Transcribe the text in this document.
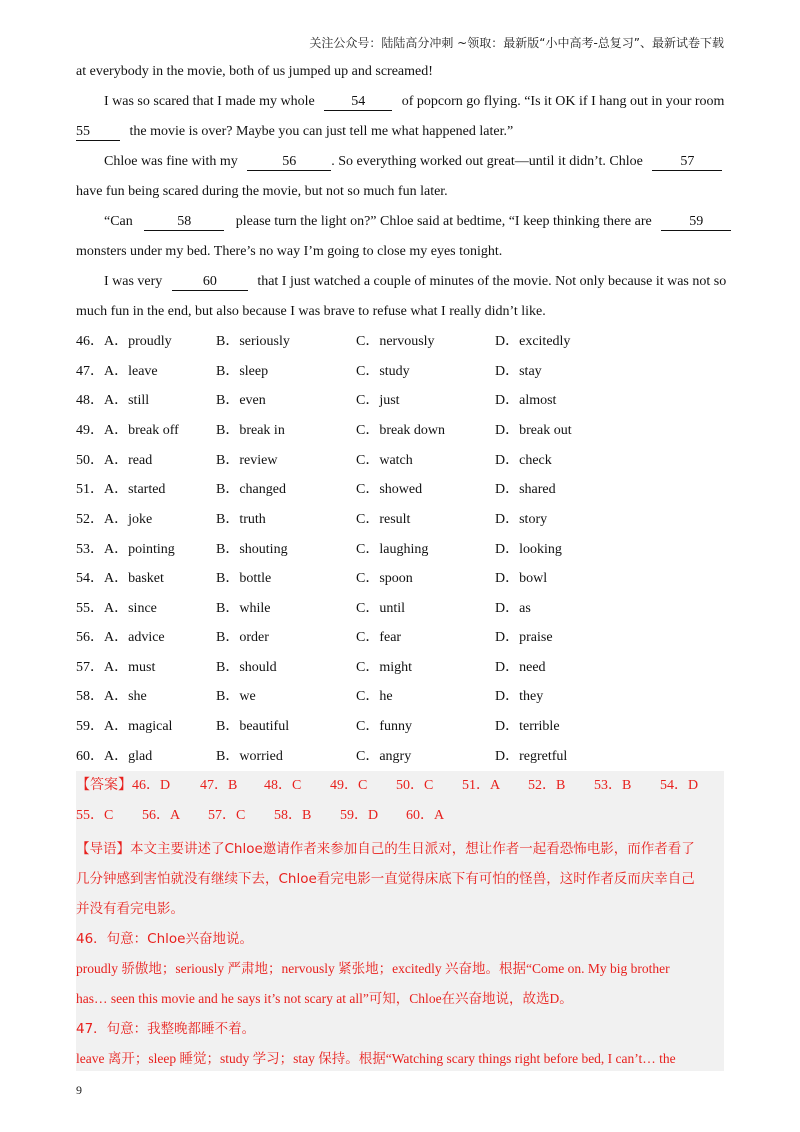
关注公众号：陆陆高分冲刺 ~领取：最新版“小中高考-总复习”、最新试卷下载
at everybody in the movie, both of us jumped up and screamed!
I was so scared that I made my whole	54	of popcorn go flying. “Is it OK if I hang out in your room
55	the movie is over? Maybe you can just tell me what happened later.”
Chloe was fine with my	56	. So everything worked out great—until it didn’t. Chloe	57
have fun being scared during the movie, but not so much fun later.
“Can	58	please turn the light on?” Chloe said at bedtime, “I keep thinking there are	59
monsters under my bed. There’s no way I’m going to close my eyes tonight.
I was very	60	that I just watched a couple of minutes of the movie. Not only because it was not so
much fun in the end, but also because I was brave to refuse what I really didn’t like.
46．A．proudly	B．seriously	C．nervously	D．excitedly
47．A．leave	B．sleep	C．study	D．stay
48．A．still	B．even	C．just	D．almost
49．A．break off	B．break in	C．break down	D．break out
50．A．read	B．review	C．watch	D．check
51．A．started	B．changed	C．showed	D．shared
52．A．joke	B．truth	C．result	D．story
53．A．pointing	B．shouting	C．laughing	D．looking
54．A．basket	B．bottle	C．spoon	D．bowl
55．A．since	B．while	C．until	D．as
56．A．advice	B．order	C．fear	D．praise
57．A．must	B．should	C．might	D．need
58．A．she	B．we	C．he	D．they
59．A．magical	B．beautiful	C．funny	D．terrible
60．A．glad	B．worried	C．angry	D．regretful
【答案】46．D 47．B 48．C 49．C 50．C 51．A 52．B 53．B 54．D
55．C 56．A 57．C 58．B 59．D 60．A
【导语】本文主要讲述了Chloe邀请作者来参加自己的生日派对，想让作者一起看恐怖电影，而作者看了
几分钟感到害怕就没有继续下去，Chloe看完电影一直觉得床底下有可怕的怪兽，这时作者反而庆幸自己
并没有看完电影。
46．句意：Chloe兴奋地说。
proudly 骄傲地；seriously 严肃地；nervously 紧张地；excitedly 兴奋地。根据“Come on. My big brother
has… seen this movie and he says it’s not scary at all”可知，Chloe在兴奋地说，故选D。
47．句意：我整晚都睡不着。
leave 离开；sleep 睡觉；study 学习；stay 保持。根据“Watching scary things right before bed, I can’t… the
9
